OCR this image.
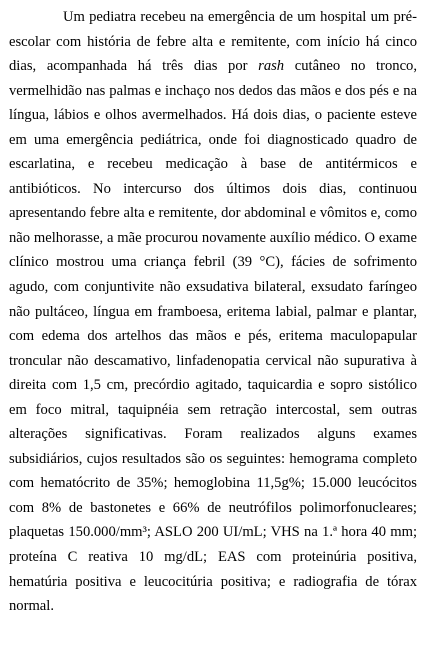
Um pediatra recebeu na emergência de um hospital um pré-escolar com história de febre alta e remitente, com início há cinco dias, acompanhada há três dias por rash cutâneo no tronco, vermelhidão nas palmas e inchaço nos dedos das mãos e dos pés e na língua, lábios e olhos avermelhados. Há dois dias, o paciente esteve em uma emergência pediátrica, onde foi diagnosticado quadro de escarlatina, e recebeu medicação à base de antitérmicos e antibióticos. No intercurso dos últimos dois dias, continuou apresentando febre alta e remitente, dor abdominal e vômitos e, como não melhorasse, a mãe procurou novamente auxílio médico. O exame clínico mostrou uma criança febril (39 °C), fácies de sofrimento agudo, com conjuntivite não exsudativa bilateral, exsudato faríngeo não pultáceo, língua em framboesa, eritema labial, palmar e plantar, com edema dos artelhos das mãos e pés, eritema maculopapular troncular não descamativo, linfadenopatia cervical não supurativa à direita com 1,5 cm, precórdio agitado, taquicardia e sopro sistólico em foco mitral, taquipnéia sem retração intercostal, sem outras alterações significativas. Foram realizados alguns exames subsidiários, cujos resultados são os seguintes: hemograma completo com hematócrito de 35%; hemoglobina 11,5g%; 15.000 leucócitos com 8% de bastonetes e 66% de neutrófilos polimorfonucleares; plaquetas 150.000/mm³; ASLO 200 UI/mL; VHS na 1.ª hora 40 mm; proteína C reativa 10 mg/dL; EAS com proteinúria positiva, hematúria positiva e leucocitúria positiva; e radiografia de tórax normal.
